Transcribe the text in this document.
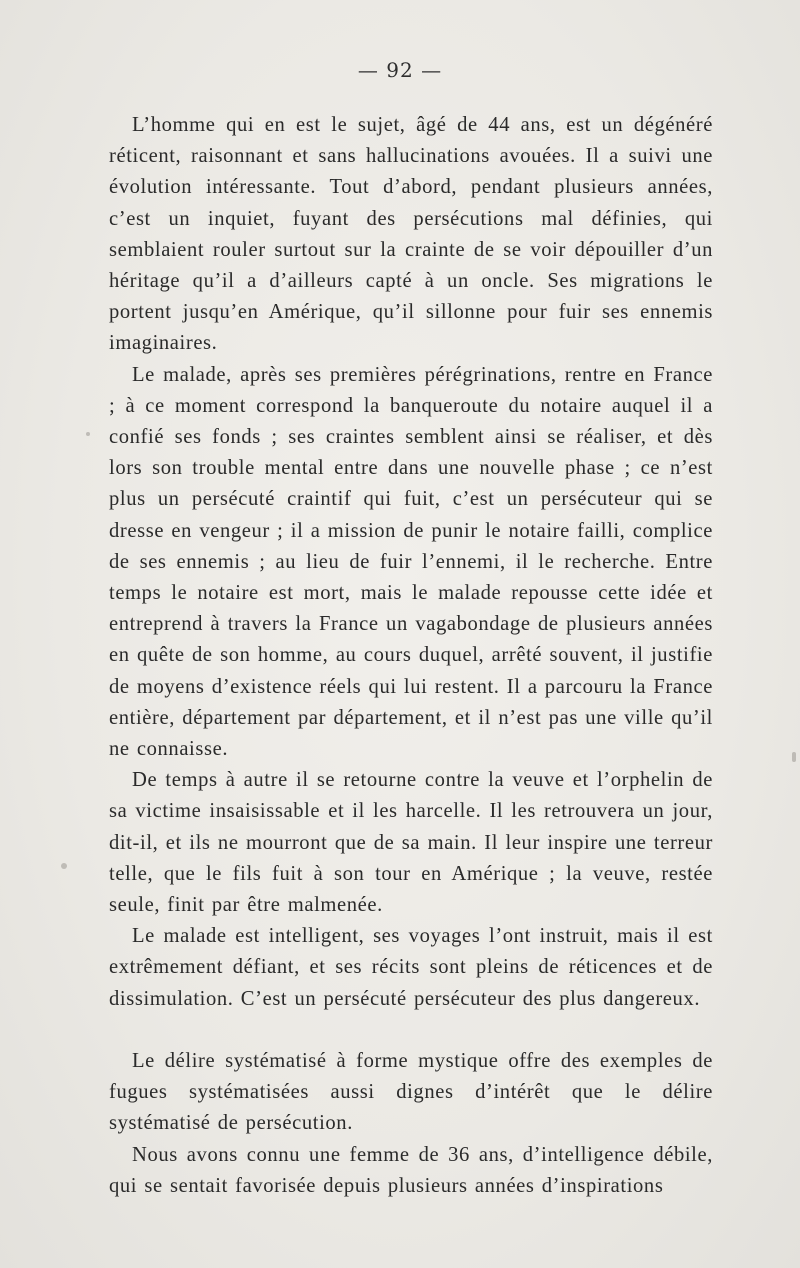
— 92 —

L’homme qui en est le sujet, âgé de 44 ans, est un dégénéré réticent, raisonnant et sans hallucinations avouées. Il a suivi une évolution intéressante. Tout d’abord, pendant plusieurs années, c’est un inquiet, fuyant des persécutions mal définies, qui semblaient rouler surtout sur la crainte de se voir dépouiller d’un héritage qu’il a d’ailleurs capté à un oncle. Ses migrations le portent jusqu’en Amérique, qu’il sillonne pour fuir ses ennemis imaginaires.

Le malade, après ses premières pérégrinations, rentre en France ; à ce moment correspond la banqueroute du notaire auquel il a confié ses fonds ; ses craintes semblent ainsi se réaliser, et dès lors son trouble mental entre dans une nouvelle phase ; ce n’est plus un persécuté craintif qui fuit, c’est un persécuteur qui se dresse en vengeur ; il a mission de punir le notaire failli, complice de ses ennemis ; au lieu de fuir l’ennemi, il le recherche. Entre temps le notaire est mort, mais le malade repousse cette idée et entreprend à travers la France un vagabondage de plusieurs années en quête de son homme, au cours duquel, arrêté souvent, il justifie de moyens d’existence réels qui lui restent. Il a parcouru la France entière, département par département, et il n’est pas une ville qu’il ne connaisse.

De temps à autre il se retourne contre la veuve et l’orphelin de sa victime insaisissable et il les harcelle. Il les retrouvera un jour, dit-il, et ils ne mourront que de sa main. Il leur inspire une terreur telle, que le fils fuit à son tour en Amérique ; la veuve, restée seule, finit par être malmenée.

Le malade est intelligent, ses voyages l’ont instruit, mais il est extrêmement défiant, et ses récits sont pleins de réticences et de dissimulation. C’est un persécuté persécuteur des plus dangereux.

Le délire systématisé à forme mystique offre des exemples de fugues systématisées aussi dignes d’intérêt que le délire systématisé de persécution.

Nous avons connu une femme de 36 ans, d’intelligence débile, qui se sentait favorisée depuis plusieurs années d’inspirations
